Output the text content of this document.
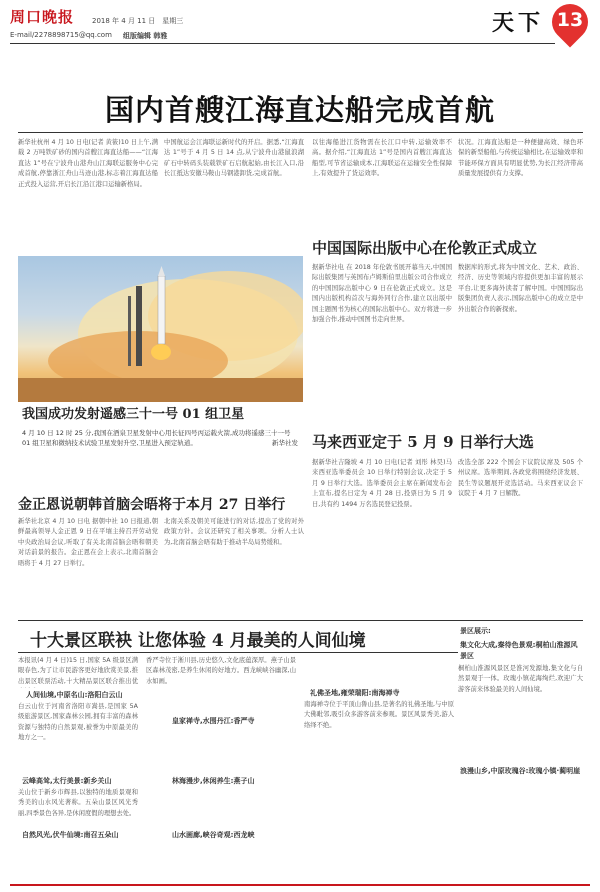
周口晚报	2018 年 4 月 11 日　星期三
E-mail/2278898715@qq.com 组版编辑 韩雅	天下 13
国内首艘江海直达船完成首航
新华社杭州 4 月 10 日电(记者 黄筱)10 日上午,满载 2 万吨铁矿砂的国内首艘江海直达船——“江海直达 1”号在宁波舟山港舟山江海联运服务中心完成首航,停靠浙江舟山马迹山港,标志着江海直达船正式投入运营,开启长江沿江港口运输新格局。
中国航运会江海联运新时代的开启。据悉,“江海直达 1”号于 4 月 5 日 14 点,从宁波舟山港鼠浪湖矿石中转码头装载铁矿石启航起始,由长江入口,沿长江抵达安徽马鞍山马钢港卸货,完成首航。
以往海船进江货物需在长江口中转,运输效率不高。据介绍,“江海直达 1”号是国内首艘江海直达船型,可节省运输成本,江海联运在运输安全性保障上,有效提升了货运效率。
状况。江海直达船是一种便捷高效、绿色环保的新型船舶,与传统运输相比,在运输效率和节能环保方面具有明显优势,为长江经济带高质量发展提供有力支撑。
我国成功发射遥感三十一号 01 组卫星
4 月 10 日 12 时 25 分,我国在酒泉卫星发射中心用长征四号丙运载火箭,成功将遥感三十一号 01 组卫星和微纳技术试验卫星发射升空,卫星进入预定轨道。	新华社发
中国国际出版中心在伦敦正式成立
据新华社电 在 2018 年伦敦书展开幕当天,中国国际出版集团与英国布卢姆斯伯里出版公司合作成立的中国国际出版中心 9 日在伦敦正式成立。这是国内出版机构首次与海外同行合作,建立以出版中国主题图书为核心的国际出版中心。双方将进一步加强合作,推动中国图书走向世界。
数据库的形式,将为中国文化、艺术、政治、经济、历史等领域内容提供更加丰富的展示平台,让更多海外读者了解中国。中国国际出版集团负责人表示,国际出版中心的成立是中外出版合作的新探索。
马来西亚定于 5 月 9 日举行大选
据新华社吉隆坡 4 月 10 日电(记者 刘彤 林昊)马来西亚选举委员会 10 日举行特别会议,决定于 5 月 9 日举行大选。选举委员会主席在新闻发布会上宣布,提名日定为 4 月 28 日,投票日为 5 月 9 日,共有约 1494 万名选民登记投票。
改选全部 222 个国会下议院议席及 505 个州议席。选举期间,各政党将围绕经济发展、民生等议题展开竞选活动。马来西亚议会下议院于 4 月 7 日解散。
金正恩说朝韩首脑会晤将于本月 27 日举行
新华社北京 4 月 10 日电 据朝中社 10 日报道,朝鲜最高领导人金正恩 9 日在平壤主持召开劳动党中央政治局会议,听取了有关北南首脑会晤和朝美对话前景的报告。金正恩在会上表示,北南首脑会晤将于 4 月 27 日举行。
北南关系及朝美可能进行的对话,提出了党的对外政策方针。会议还研究了相关事项。分析人士认为,北南首脑会晤有助于推动半岛局势缓和。
十大景区联袂 让您体验 4 月最美的人间仙境
本报讯(4 月 4 日)15 日,国家 5A 级景区满眼春色,为了让市民游客更好地欣赏美景,推出景区联票活动,十大精品景区联合推出优
人间仙境,中原名山:洛阳白云山
白云山位于河南省洛阳市嵩县,是国家 5A 级旅游景区,国家森林公园,拥有丰富的森林资源与独特的自然景观,被誉为中原最美的地方之一。
云峰高耸,太行美景:新乡关山
关山位于新乡市辉县,以独特的地质景观和秀美的山水风光著称。五朵山景区风光秀丽,四季景色各异,是休闲度假的理想去处。
自然风光,伏牛仙境:南召五朵山
香严寺位于淅川县,历史悠久,文化底蕴深厚。燕子山景区森林茂密,是养生休闲的好地方。西龙峡峡谷幽深,山水如画。
皇家禅寺,水围丹江:香严寺
林海漫步,休闲养生:燕子山
山水画廊,峡谷奇观:西龙峡
礼佛圣地,雍荣瑞阳:南海禅寺
南海禅寺位于平顶山鲁山县,是著名的礼佛圣地,与中原大佛毗邻,吸引众多游客前来参观。景区风景秀美,游人络绎不绝。
景区展示:
集文化大成,秦待色景观:桐柏山淮源风景区
桐柏山淮源风景区是淮河发源地,集文化与自然景观于一体。玫瑰小镇花海绚烂,欢迎广大游客前来体验最美的人间仙境。
浪漫山乡,中原玫瑰谷:玫瑰小镇·蔺明崖
